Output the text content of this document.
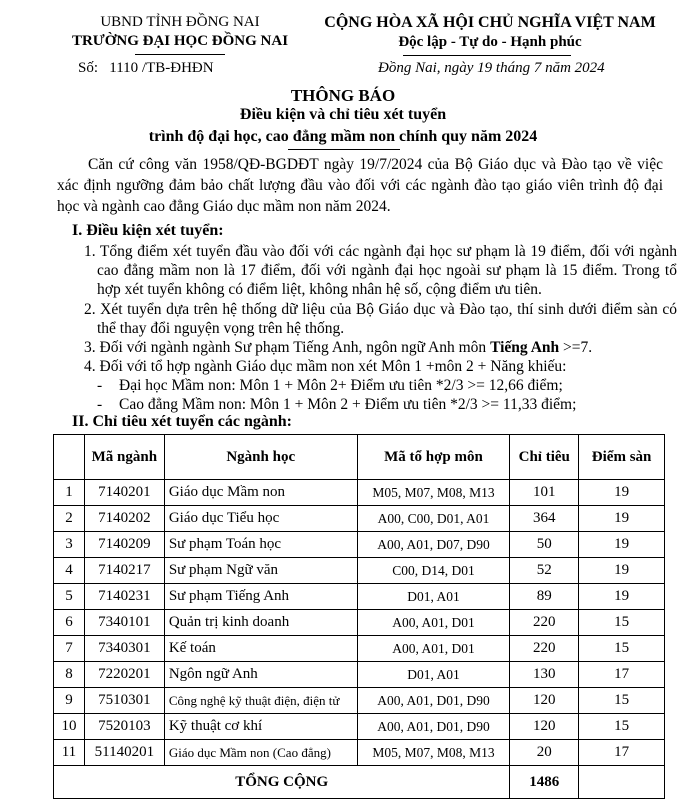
UBND TỈNH ĐỒNG NAI
TRƯỜNG ĐẠI HỌC ĐỒNG NAI
CỘNG HÒA XÃ HỘI CHỦ NGHĨA VIỆT NAM
Độc lập - Tự do - Hạnh phúc
Số: 1110 /TB-ĐHĐN	Đồng Nai, ngày 19 tháng 7 năm 2024
THÔNG BÁO
Điều kiện và chỉ tiêu xét tuyển
trình độ đại học, cao đẳng mầm non chính quy năm 2024
Căn cứ công văn 1958/QĐ-BGDĐT ngày 19/7/2024 của Bộ Giáo dục và Đào tạo về việc xác định ngưỡng đảm bảo chất lượng đầu vào đối với các ngành đào tạo giáo viên trình độ đại học và ngành cao đẳng Giáo dục mầm non năm 2024.
I. Điều kiện xét tuyển:
1. Tổng điểm xét tuyển đầu vào đối với các ngành đại học sư phạm là 19 điểm, đối với ngành cao đẳng mầm non là 17 điểm, đối với ngành đại học ngoài sư phạm là 15 điểm. Trong tổ hợp xét tuyển không có điểm liệt, không nhân hệ số, cộng điểm ưu tiên.
2. Xét tuyển dựa trên hệ thống dữ liệu của Bộ Giáo dục và Đào tạo, thí sinh dưới điểm sàn có thể thay đổi nguyện vọng trên hệ thống.
3. Đối với ngành ngành Sư phạm Tiếng Anh, ngôn ngữ Anh môn Tiếng Anh >=7.
4. Đối với tổ hợp ngành Giáo dục mầm non xét Môn 1 +môn 2 + Năng khiếu:
- Đại học Mầm non: Môn 1 + Môn 2+ Điểm ưu tiên *2/3 >= 12,66 điểm;
- Cao đẳng Mầm non: Môn 1 + Môn 2 + Điểm ưu tiên *2/3 >= 11,33 điểm;
II. Chỉ tiêu xét tuyển các ngành:
	Mã ngành	Ngành học	Mã tổ hợp môn	Chỉ tiêu	Điểm sàn
1	7140201	Giáo dục Mầm non	M05, M07, M08, M13	101	19
2	7140202	Giáo dục Tiểu học	A00, C00, D01, A01	364	19
3	7140209	Sư phạm Toán học	A00, A01, D07, D90	50	19
4	7140217	Sư phạm Ngữ văn	C00, D14, D01	52	19
5	7140231	Sư phạm Tiếng Anh	D01, A01	89	19
6	7340101	Quản trị kinh doanh	A00, A01, D01	220	15
7	7340301	Kế toán	A00, A01, D01	220	15
8	7220201	Ngôn ngữ Anh	D01, A01	130	17
9	7510301	Công nghệ kỹ thuật điện, điện tử	A00, A01, D01, D90	120	15
10	7520103	Kỹ thuật cơ khí	A00, A01, D01, D90	120	15
11	51140201	Giáo dục Mầm non (Cao đẳng)	M05, M07, M08, M13	20	17
TỔNG CỘNG				1486	
